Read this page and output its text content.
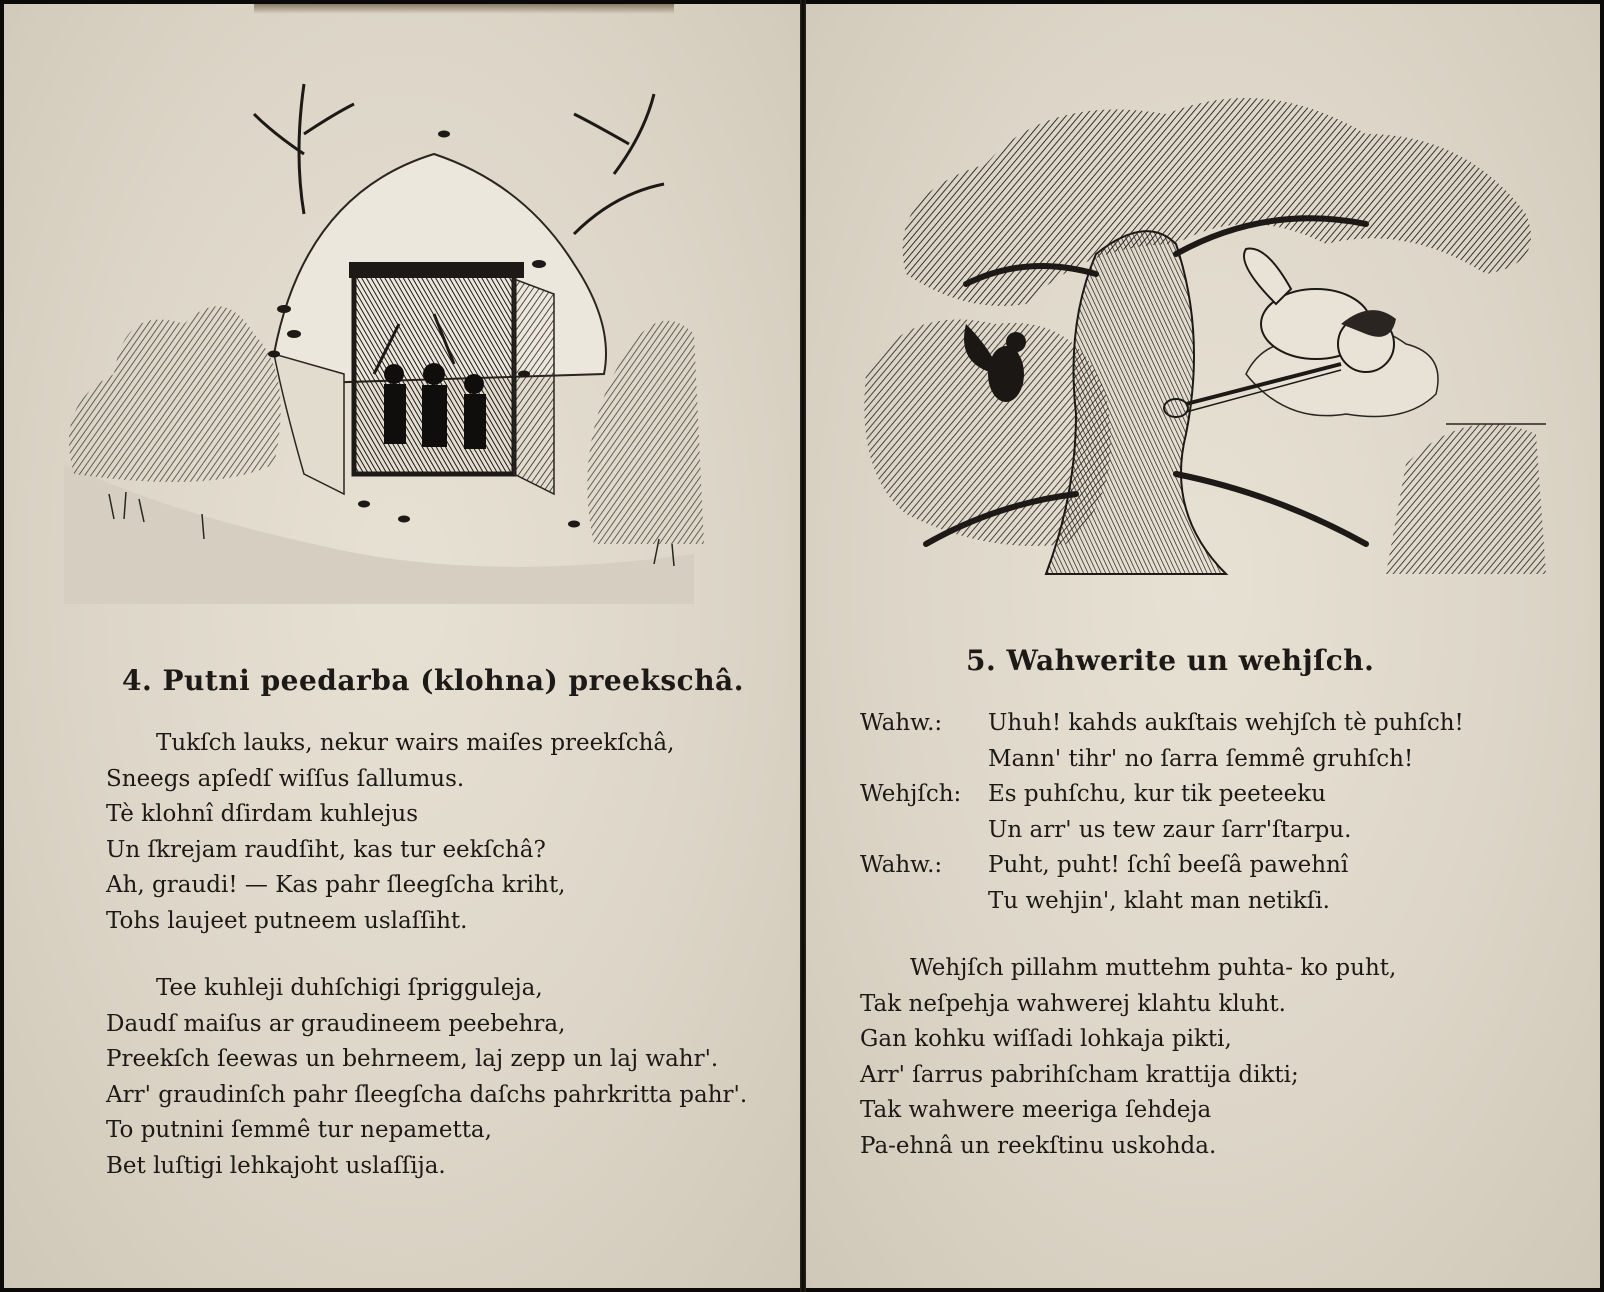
4. Putni peedarba (klohna) preekschâ.
Tukſch lauks, nekur wairs maiſes preekſchâ,
Sneegs apſedſ wiſſus ſallumus.
Tè klohnî dſirdam kuhlejus
Un ſkrejam raudſiht, kas tur eekſchâ?
Ah, graudi! — Kas pahr ſleegſcha kriht,
Tohs laujeet putneem uslaſſiht.
Tee kuhleji duhſchigi ſprigguleja,
Daudſ maiſus ar graudineem peebehra,
Preekſch ſeewas un behrneem, laj zepp un laj wahr'.
Arr' graudinſch pahr ſleegſcha daſchs pahrkritta pahr'.
To putnini ſemmê tur nepametta,
Bet luſtigi lehkajoht uslaſſija.
5. Wahwerite un wehjſch.
Wahw.:	Uhuh! kahds aukſtais wehjſch tè puhſch!
Mann' tihr' no ſarra ſemmê gruhſch!
Wehjſch:	Es puhſchu, kur tik peeteeku
Un arr' us tew zaur ſarr'ſtarpu.
Wahw.:	Puht, puht! ſchî beeſâ pawehnî
Tu wehjin', klaht man netikſi.
Wehjſch pillahm muttehm puhta- ko puht,
Tak neſpehja wahwerej klahtu kluht.
Gan kohku wiſſadi lohkaja pikti,
Arr' ſarrus pabrihſcham krattija dikti;
Tak wahwere meeriga ſehdeja
Pa-ehnâ un reekſtinu uskohda.
